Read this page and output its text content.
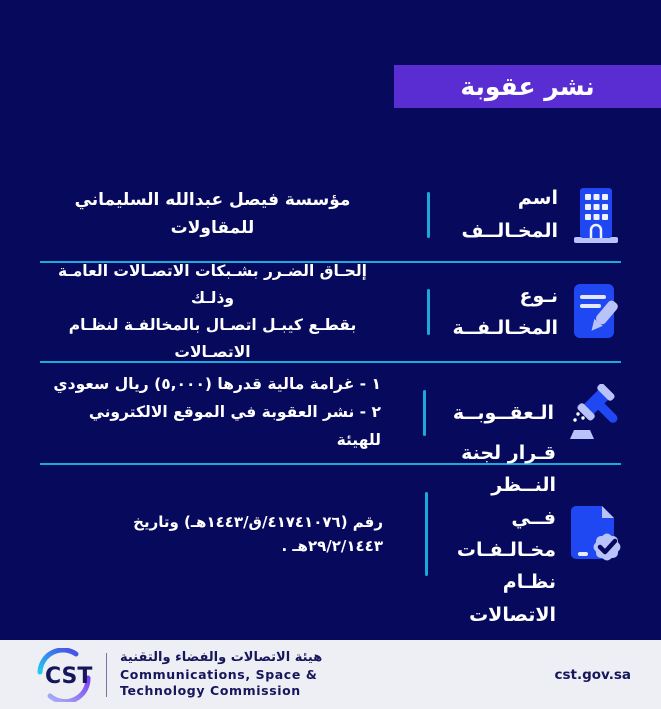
نشر عقوبة
اسم المخـالــف
مؤسسة فيصل عبدالله السليماني
للمقاولات
نـوع المخـالـفــة
إلحـاق الضـرر بشـبكات الاتصـالات العامـة وذلـك
بقطـع كيبـل اتصـال بالمخالفـة لنظـام الاتصـالات
الـعقــوبــة
١ - غرامة مالية قدرها (٥,٠٠٠) ريال سعودي
٢ - نشر العقوبة في الموقع الالكتروني للهيئة
قـرار لجنة النــظر
فــي مخـالـفـات
نظـام الاتصالات
رقم (٤١٧٤١٠٧٦/ق/١٤٤٣هـ) وتاريخ ٢٩/٢/١٤٤٣هـ .
CST
هيئة الاتصالات والفضاء والتقنية
Communications, Space &
Technology Commission
cst.gov.sa
